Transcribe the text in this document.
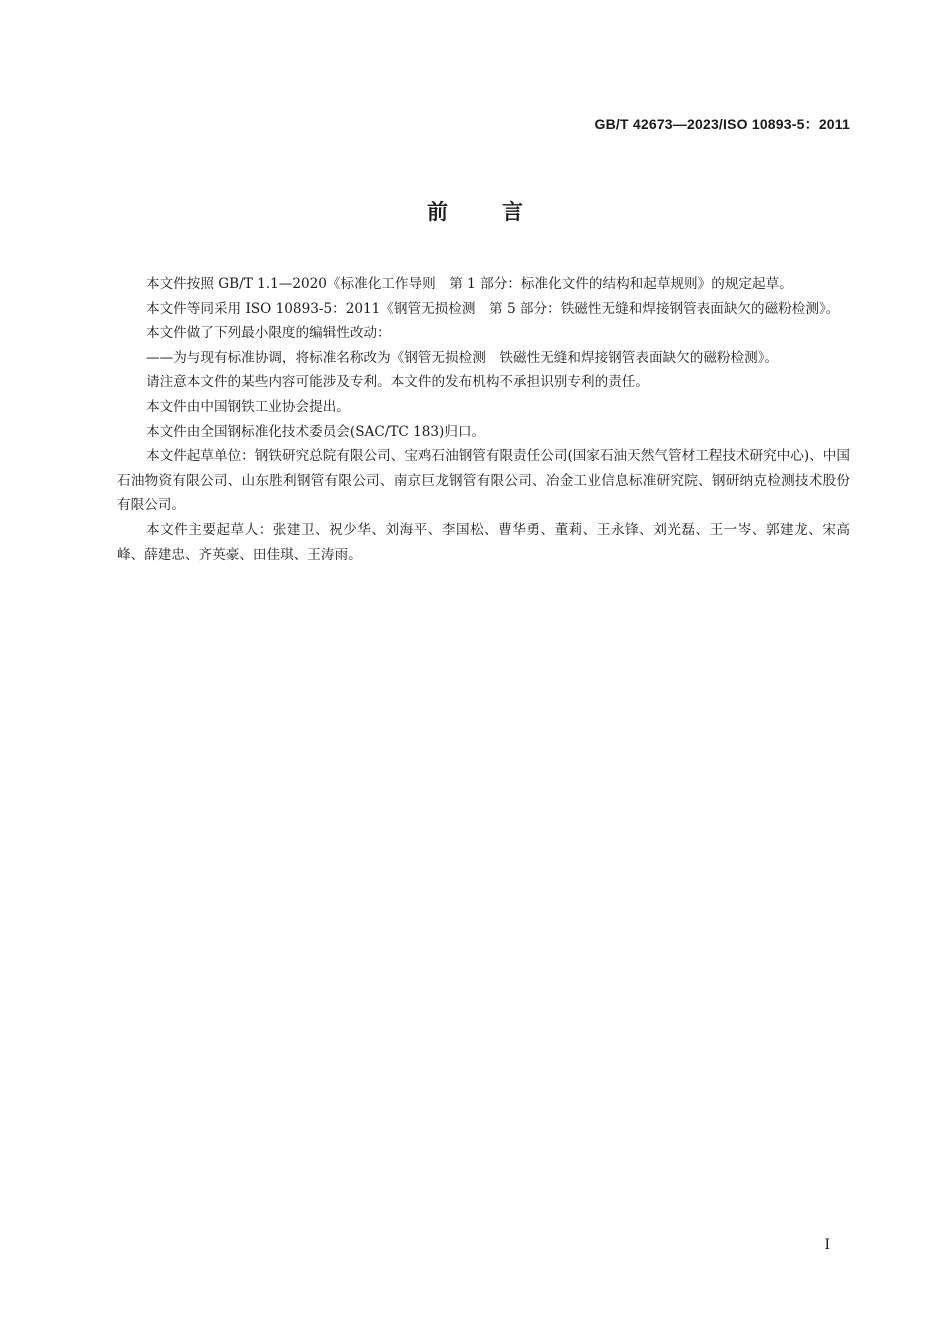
GB/T 42673—2023/ISO 10893-5：2011
前言

本文件按照 GB/T 1.1—2020《标准化工作导则　第 1 部分：标准化文件的结构和起草规则》的规定起草。

本文件等同采用 ISO 10893-5：2011《钢管无损检测　第 5 部分：铁磁性无缝和焊接钢管表面缺欠的磁粉检测》。

本文件做了下列最小限度的编辑性改动：

——为与现有标准协调，将标准名称改为《钢管无损检测　铁磁性无缝和焊接钢管表面缺欠的磁粉检测》。

请注意本文件的某些内容可能涉及专利。本文件的发布机构不承担识别专利的责任。

本文件由中国钢铁工业协会提出。

本文件由全国钢标准化技术委员会(SAC/TC 183)归口。

本文件起草单位：钢铁研究总院有限公司、宝鸡石油钢管有限责任公司(国家石油天然气管材工程技术研究中心)、中国石油物资有限公司、山东胜利钢管有限公司、南京巨龙钢管有限公司、冶金工业信息标准研究院、钢研纳克检测技术股份有限公司。

本文件主要起草人：张建卫、祝少华、刘海平、李国松、曹华勇、董莉、王永锋、刘光磊、王一岑、郭建龙、宋高峰、薛建忠、齐英豪、田佳琪、王涛雨。

I
